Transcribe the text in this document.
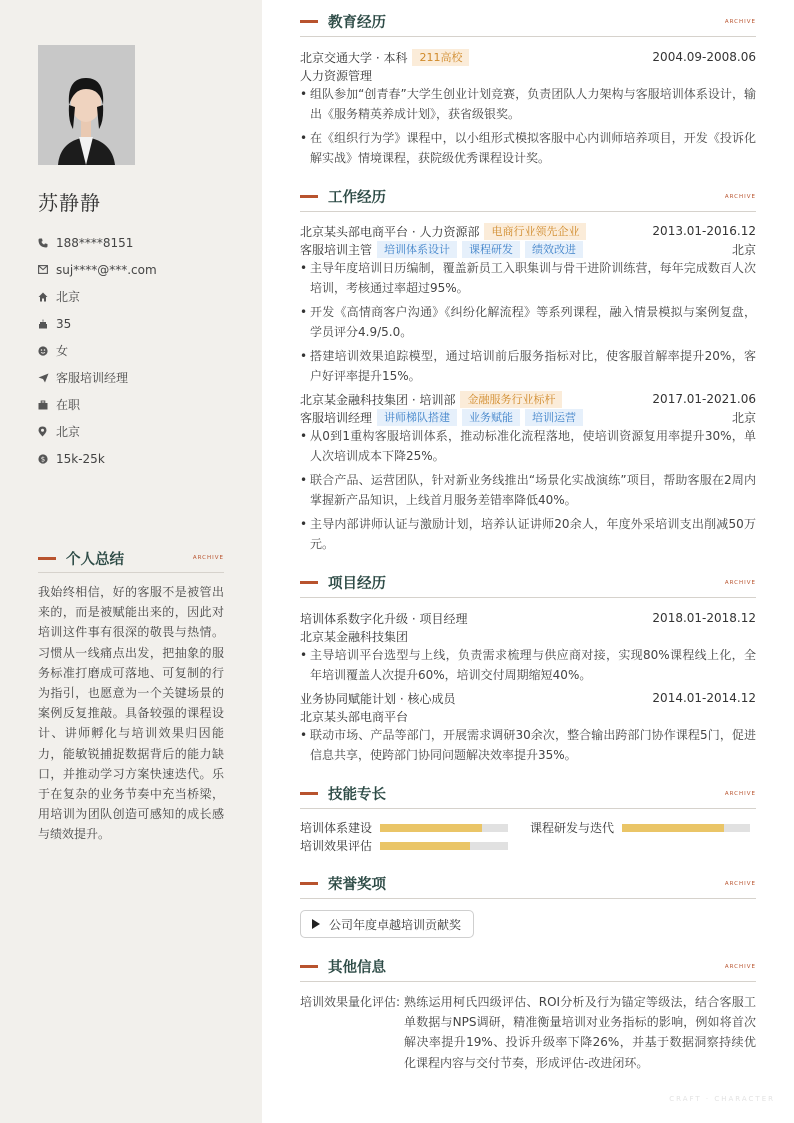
苏静静
188****8151
suj****@***.com
北京
35
女
客服培训经理
在职
北京
$ 15k-25k
个人总结	ARCHIVE
我始终相信，好的客服不是被管出来的，而是被赋能出来的，因此对培训这件事有很深的敬畏与热情。习惯从一线痛点出发，把抽象的服务标准打磨成可落地、可复制的行为指引，也愿意为一个关键场景的案例反复推敲。具备较强的课程设计、讲师孵化与培训效果归因能力，能敏锐捕捉数据背后的能力缺口，并推动学习方案快速迭代。乐于在复杂的业务节奏中充当桥梁，用培训为团队创造可感知的成长感与绩效提升。
教育经历	ARCHIVE
北京交通大学 · 本科	211高校	2004.09-2008.06
人力资源管理
• 组队参加“创青春”大学生创业计划竞赛，负责团队人力架构与客服培训体系设计，输出《服务精英养成计划》，获省级银奖。
• 在《组织行为学》课程中，以小组形式模拟客服中心内训师培养项目，开发《投诉化解实战》情境课程，获院级优秀课程设计奖。
工作经历	ARCHIVE
北京某头部电商平台 · 人力资源部	电商行业领先企业	2013.01-2016.12
客服培训主管	培训体系设计	课程研发	绩效改进	北京
• 主导年度培训日历编制，覆盖新员工入职集训与骨干进阶训练营，每年完成数百人次培训，考核通过率超过95%。
• 开发《高情商客户沟通》《纠纷化解流程》等系列课程，融入情景模拟与案例复盘，学员评分4.9/5.0。
• 搭建培训效果追踪模型，通过培训前后服务指标对比，使客服首解率提升20%，客户好评率提升15%。
北京某金融科技集团 · 培训部	金融服务行业标杆	2017.01-2021.06
客服培训经理	讲师梯队搭建	业务赋能	培训运营	北京
• 从0到1重构客服培训体系，推动标准化流程落地，使培训资源复用率提升30%，单人次培训成本下降25%。
• 联合产品、运营团队，针对新业务线推出“场景化实战演练”项目，帮助客服在2周内掌握新产品知识，上线首月服务差错率降低40%。
• 主导内部讲师认证与激励计划，培养认证讲师20余人，年度外采培训支出削减50万元。
项目经历	ARCHIVE
培训体系数字化升级 · 项目经理	2018.01-2018.12
北京某金融科技集团
• 主导培训平台选型与上线，负责需求梳理与供应商对接，实现80%课程线上化，全年培训覆盖人次提升60%，培训交付周期缩短40%。
业务协同赋能计划 · 核心成员	2014.01-2014.12
北京某头部电商平台
• 联动市场、产品等部门，开展需求调研30余次，整合输出跨部门协作课程5门，促进信息共享，使跨部门协同问题解决效率提升35%。
技能专长	ARCHIVE
培训体系建设	课程研发与迭代
培训效果评估
荣誉奖项	ARCHIVE
公司年度卓越培训贡献奖
其他信息	ARCHIVE
培训效果量化评估: 熟练运用柯氏四级评估、ROI分析及行为锚定等级法，结合客服工单数据与NPS调研，精准衡量培训对业务指标的影响，例如将首次解决率提升19%、投诉升级率下降26%，并基于数据洞察持续优化课程内容与交付节奏，形成评估-改进闭环。
CRAFT · CHARACTER
